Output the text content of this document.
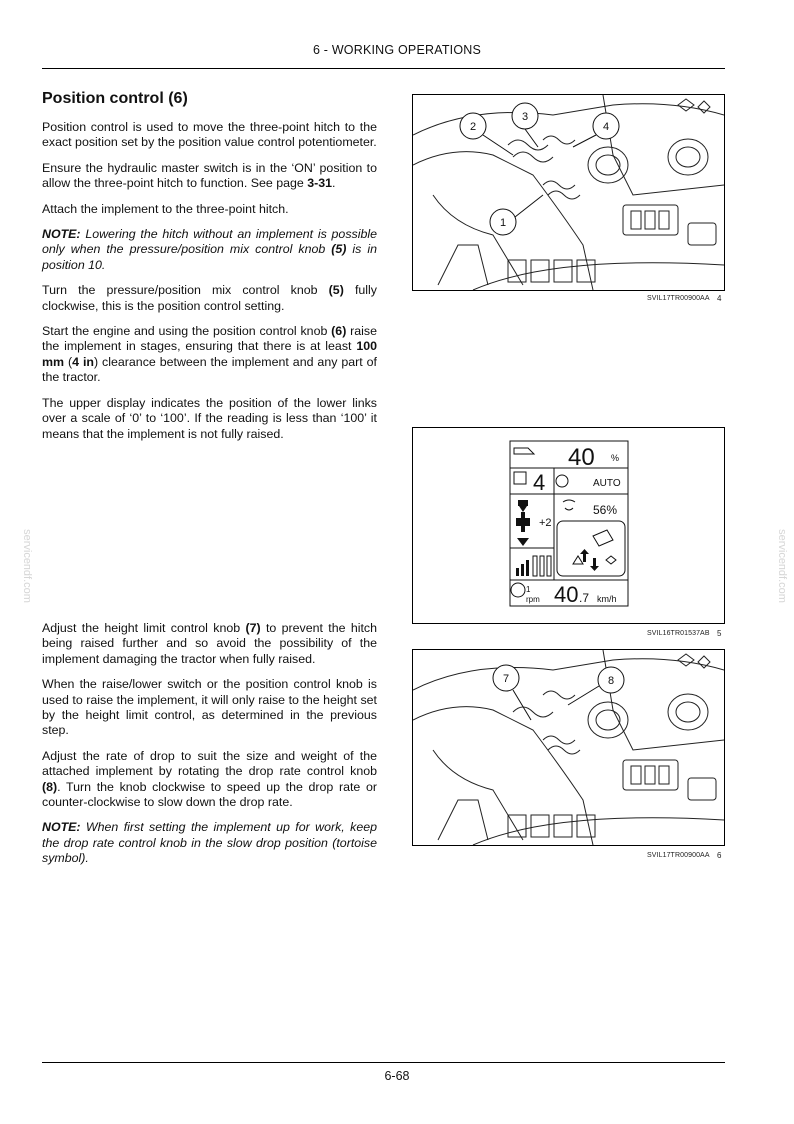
6 - WORKING OPERATIONS
serviceпdf.com	serviceпdf.com
Position control (6)

Position control is used to move the three-point hitch to the exact position set by the position value control potentiometer.

Ensure the hydraulic master switch is in the ‘ON’ position to allow the three-point hitch to function. See page 3-31.

Attach the implement to the three-point hitch.

NOTE: Lowering the hitch without an implement is possible only when the pressure/position mix control knob (5) is in position 10.

Turn the pressure/position mix control knob (5) fully clockwise, this is the position control setting.

Start the engine and using the position control knob (6) raise the implement in stages, ensuring that there is at least 100 mm (4 in) clearance between the implement and any part of the tractor.

The upper display indicates the position of the lower links over a scale of ‘0’ to ‘100’. If the reading is less than ‘100’ it means that the implement is not fully raised.

Adjust the height limit control knob (7) to prevent the hitch being raised further and so avoid the possibility of the implement damaging the tractor when fully raised.

When the raise/lower switch or the position control knob is used to raise the implement, it will only raise to the height set by the height limit control, as determined in the previous step.

Adjust the rate of drop to suit the size and weight of the attached implement by rotating the drop rate control knob (8). Turn the knob clockwise to speed up the drop rate or counter-clockwise to slow down the drop rate.

NOTE: When first setting the implement up for work, keep the drop rate control knob in the slow drop position (tortoise symbol).

2
3
4
1
SVIL17TR00900AA 4
40 %
4	AUTO
56%
+2
1
rpm 40 .7 km/h
SVIL16TR01537AB 5
7	8
SVIL17TR00900AA 6
6-68
